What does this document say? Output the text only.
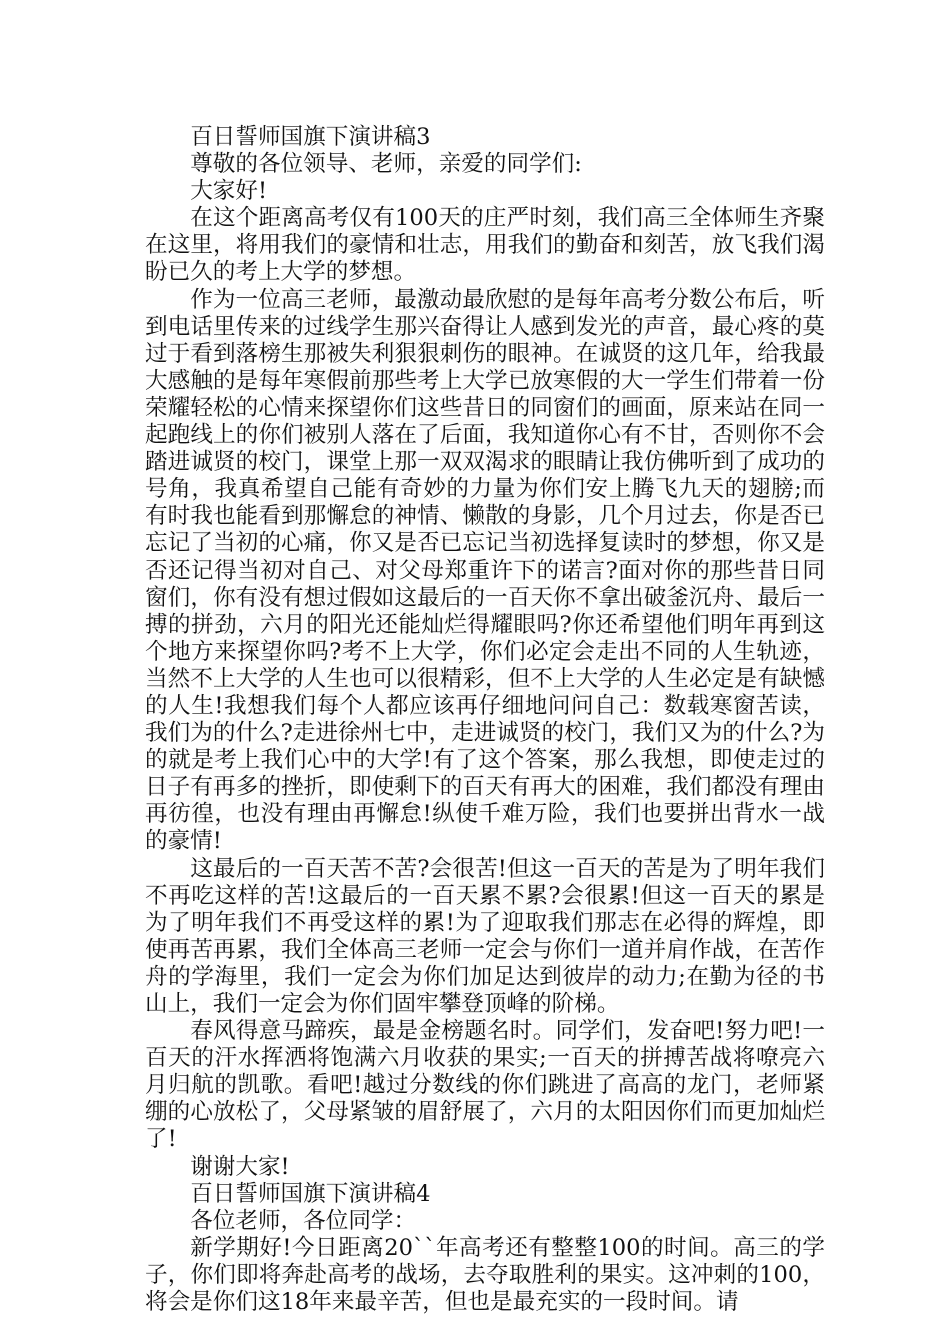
百日誓师国旗下演讲稿3

尊敬的各位领导、老师，亲爱的同学们:

大家好!

在这个距离高考仅有100天的庄严时刻，我们高三全体师生齐聚在这里，将用我们的豪情和壮志，用我们的勤奋和刻苦，放飞我们渴盼已久的考上大学的梦想。

作为一位高三老师，最激动最欣慰的是每年高考分数公布后，听到电话里传来的过线学生那兴奋得让人感到发光的声音，最心疼的莫过于看到落榜生那被失利狠狠刺伤的眼神。在诚贤的这几年，给我最大感触的是每年寒假前那些考上大学已放寒假的大一学生们带着一份荣耀轻松的心情来探望你们这些昔日的同窗们的画面，原来站在同一起跑线上的你们被别人落在了后面，我知道你心有不甘，否则你不会踏进诚贤的校门，课堂上那一双双渴求的眼睛让我仿佛听到了成功的号角，我真希望自己能有奇妙的力量为你们安上腾飞九天的翅膀;而有时我也能看到那懈怠的神情、懒散的身影，几个月过去，你是否已忘记了当初的心痛，你又是否已忘记当初选择复读时的梦想，你又是否还记得当初对自己、对父母郑重许下的诺言?面对你的那些昔日同窗们，你有没有想过假如这最后的一百天你不拿出破釜沉舟、最后一搏的拼劲，六月的阳光还能灿烂得耀眼吗?你还希望他们明年再到这个地方来探望你吗?考不上大学，你们必定会走出不同的人生轨迹，当然不上大学的人生也可以很精彩，但不上大学的人生必定是有缺憾的人生!我想我们每个人都应该再仔细地问问自己：数载寒窗苦读，我们为的什么?走进徐州七中，走进诚贤的校门，我们又为的什么?为的就是考上我们心中的大学!有了这个答案，那么我想，即使走过的日子有再多的挫折，即使剩下的百天有再大的困难，我们都没有理由再彷徨，也没有理由再懈怠!纵使千难万险，我们也要拼出背水一战的豪情!

这最后的一百天苦不苦?会很苦!但这一百天的苦是为了明年我们不再吃这样的苦!这最后的一百天累不累?会很累!但这一百天的累是为了明年我们不再受这样的累!为了迎取我们那志在必得的辉煌，即使再苦再累，我们全体高三老师一定会与你们一道并肩作战，在苦作舟的学海里，我们一定会为你们加足达到彼岸的动力;在勤为径的书山上，我们一定会为你们固牢攀登顶峰的阶梯。

春风得意马蹄疾，最是金榜题名时。同学们，发奋吧!努力吧!一百天的汗水挥洒将饱满六月收获的果实;一百天的拼搏苦战将嘹亮六月归航的凯歌。看吧!越过分数线的你们跳进了高高的龙门，老师紧绷的心放松了，父母紧皱的眉舒展了，六月的太阳因你们而更加灿烂了!

谢谢大家!

百日誓师国旗下演讲稿4

各位老师，各位同学：

新学期好!今日距离20``年高考还有整整100的时间。高三的学子，你们即将奔赴高考的战场，去夺取胜利的果实。这冲刺的100，将会是你们这18年来最辛苦，但也是最充实的一段时间。请
